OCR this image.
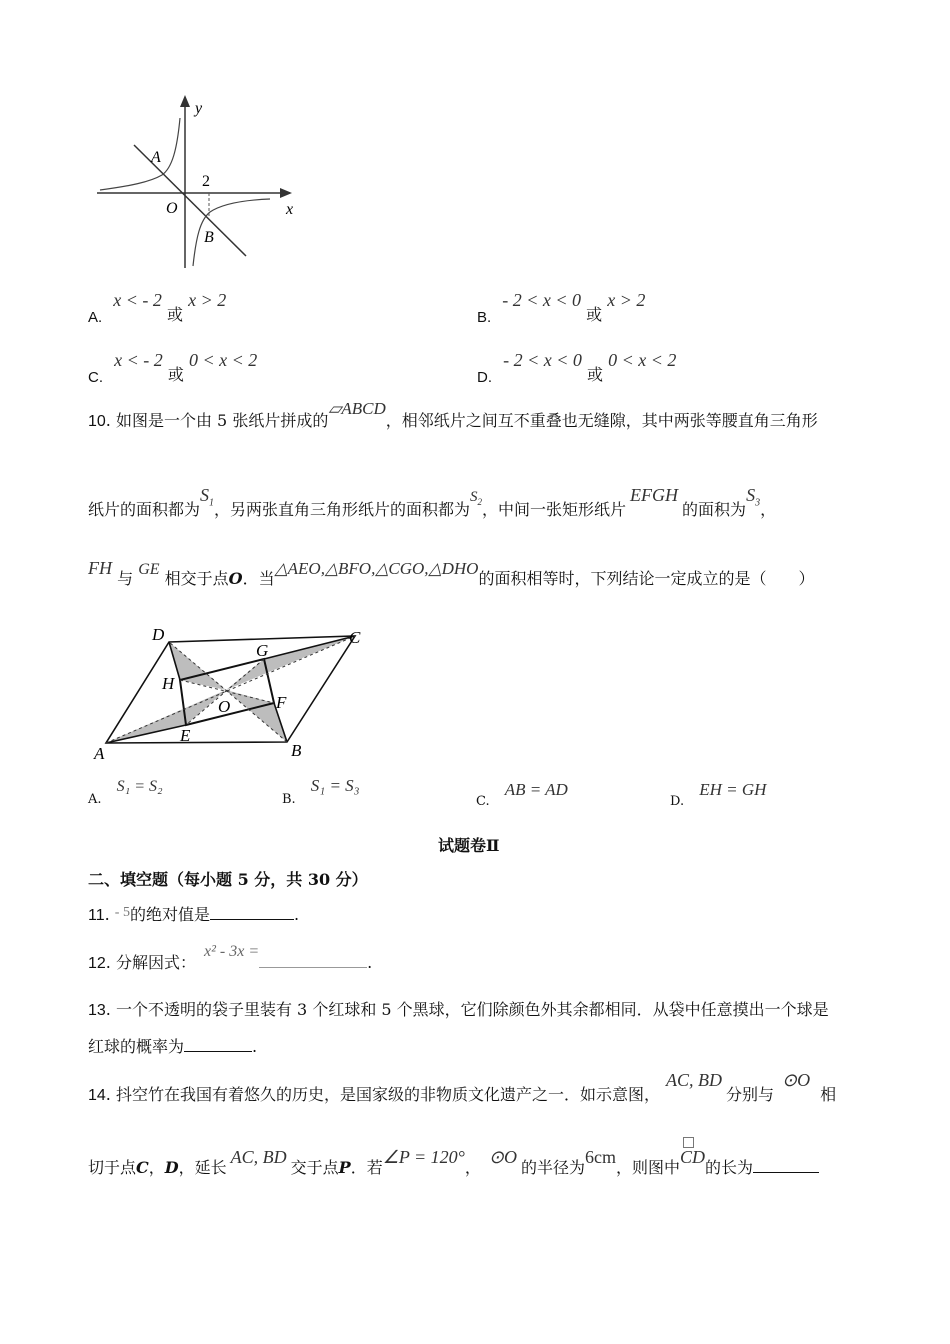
y
x
O
A
B
2
A. x < - 2 或 x > 2
B. - 2 < x < 0 或 x > 2
C. x < - 2 或 0 < x < 2
D. - 2 < x < 0 或 0 < x < 2
10. 如图是一个由 5 张纸片拼成的▱ABCD，相邻纸片之间互不重叠也无缝隙，其中两张等腰直角三角形
纸片的面积都为$S_1$，另两张直角三角形纸片的面积都为$S_2$，中间一张矩形纸片EFGH的面积为$S_3$，
FH 与 GE 相交于点O．当△AEO,△BFO,△CGO,△DHO的面积相等时，下列结论一定成立的是（　　）
D	C
G
H
O	F
E
A	B
$_{A.}$ S₁ = S₂
$_{B.}$ S₁ = S₃
$_{C.}$ AB = AD
$_{D.}$ EH = GH
试题卷Ⅱ
二、填空题（每小题 5 分，共 30 分）
11. - 5的绝对值是	.
12. 分解因式：x² - 3x =.
13. 一个不透明的袋子里装有 3 个红球和 5 个黑球，它们除颜色外其余都相同．从袋中任意摸出一个球是
红球的概率为	.
14. 抖空竹在我国有着悠久的历史，是国家级的非物质文化遗产之一．如示意图，AC, BD分别与⊙O相
切于点C，D，延长AC, BD交于点P．若∠P = 120°，⊙O的半径为6cm，则图中
CD的长为
